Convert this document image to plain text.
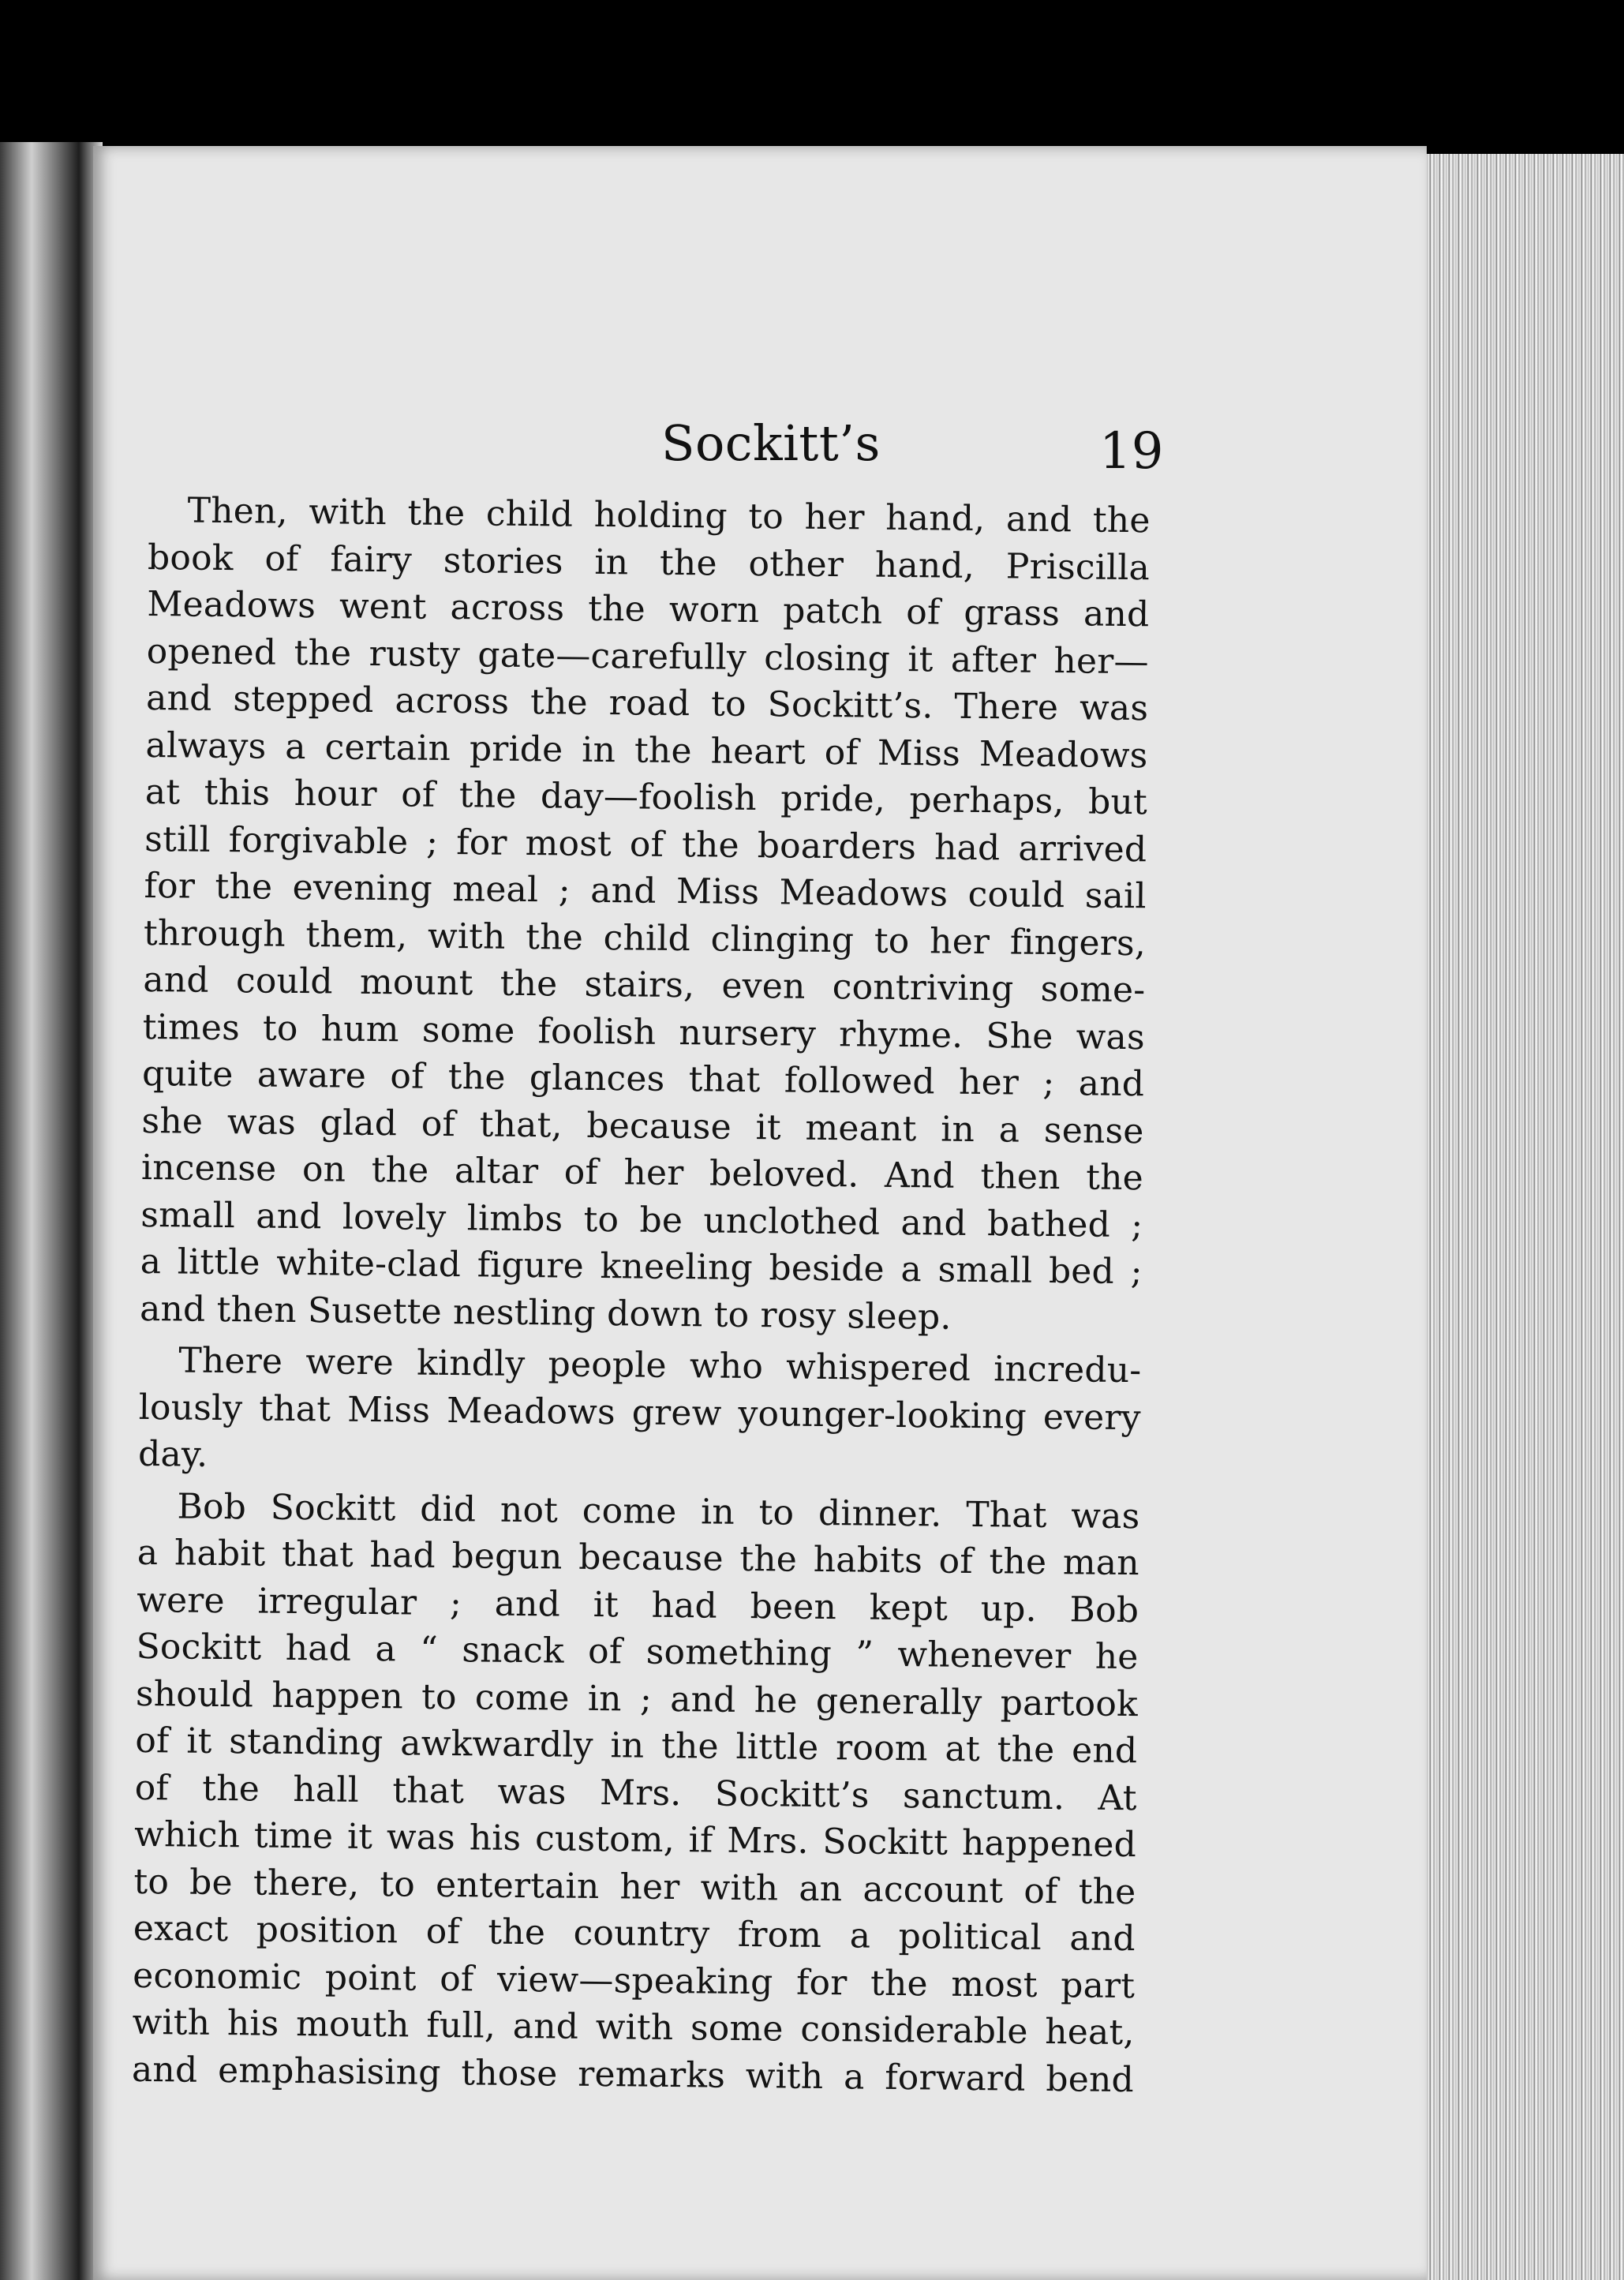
Sockitt’s	19
Then, with the child holding to her hand, and the
book of fairy stories in the other hand, Priscilla
Meadows went across the worn patch of grass and
opened the rusty gate—carefully closing it after her—
and stepped across the road to Sockitt’s. There was
always a certain pride in the heart of Miss Meadows
at this hour of the day—foolish pride, perhaps, but
still forgivable ; for most of the boarders had arrived
for the evening meal ; and Miss Meadows could sail
through them, with the child clinging to her fingers,
and could mount the stairs, even contriving some-
times to hum some foolish nursery rhyme. She was
quite aware of the glances that followed her ; and
she was glad of that, because it meant in a sense
incense on the altar of her beloved. And then the
small and lovely limbs to be unclothed and bathed ;
a little white-clad figure kneeling beside a small bed ;
and then Susette nestling down to rosy sleep.
There were kindly people who whispered incredu-
lously that Miss Meadows grew younger-looking every
day.
Bob Sockitt did not come in to dinner. That was
a habit that had begun because the habits of the man
were irregular ; and it had been kept up. Bob
Sockitt had a “ snack of something ” whenever he
should happen to come in ; and he generally partook
of it standing awkwardly in the little room at the end
of the hall that was Mrs. Sockitt’s sanctum. At
which time it was his custom, if Mrs. Sockitt happened
to be there, to entertain her with an account of the
exact position of the country from a political and
economic point of view—speaking for the most part
with his mouth full, and with some considerable heat,
and emphasising those remarks with a forward bend
